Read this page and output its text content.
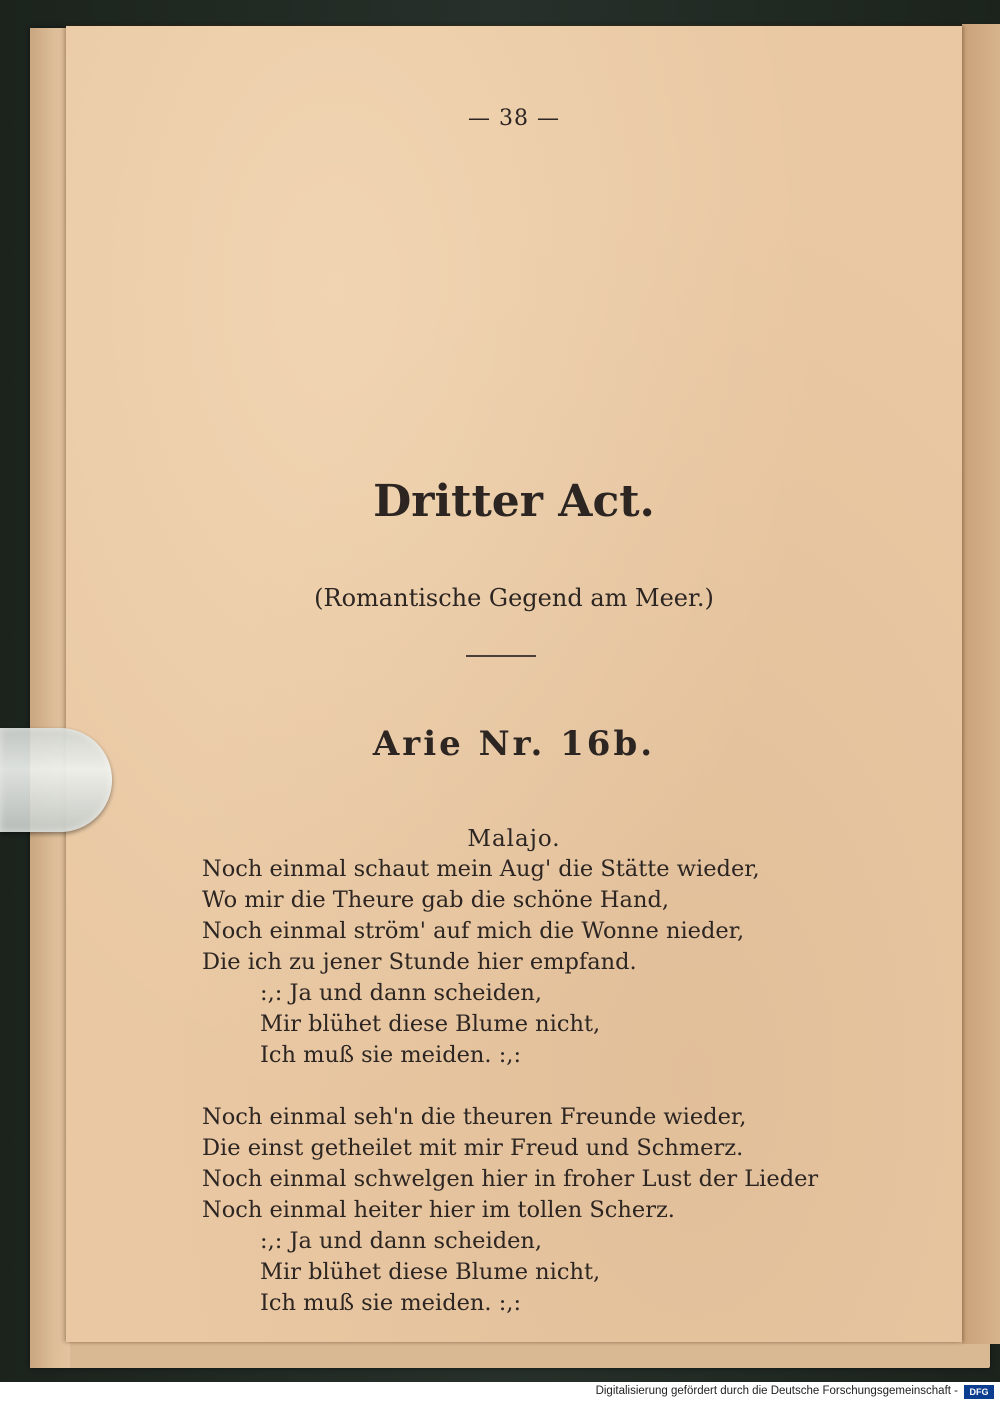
— 38 —
Dritter Act.
(Romantische Gegend am Meer.)
Arie Nr. 16b.
Malajo.
Noch einmal schaut mein Aug' die Stätte wieder,
Wo mir die Theure gab die schöne Hand,
Noch einmal ström' auf mich die Wonne nieder,
Die ich zu jener Stunde hier empfand.
:,: Ja und dann scheiden,
Mir blühet diese Blume nicht,
Ich muß sie meiden. :,:
Noch einmal seh'n die theuren Freunde wieder,
Die einst getheilet mit mir Freud und Schmerz.
Noch einmal schwelgen hier in froher Lust der Lieder
Noch einmal heiter hier im tollen Scherz.
:,: Ja und dann scheiden,
Mir blühet diese Blume nicht,
Ich muß sie meiden. :,:
Digitalisierung gefördert durch die Deutsche Forschungsgemeinschaft -	DFG
